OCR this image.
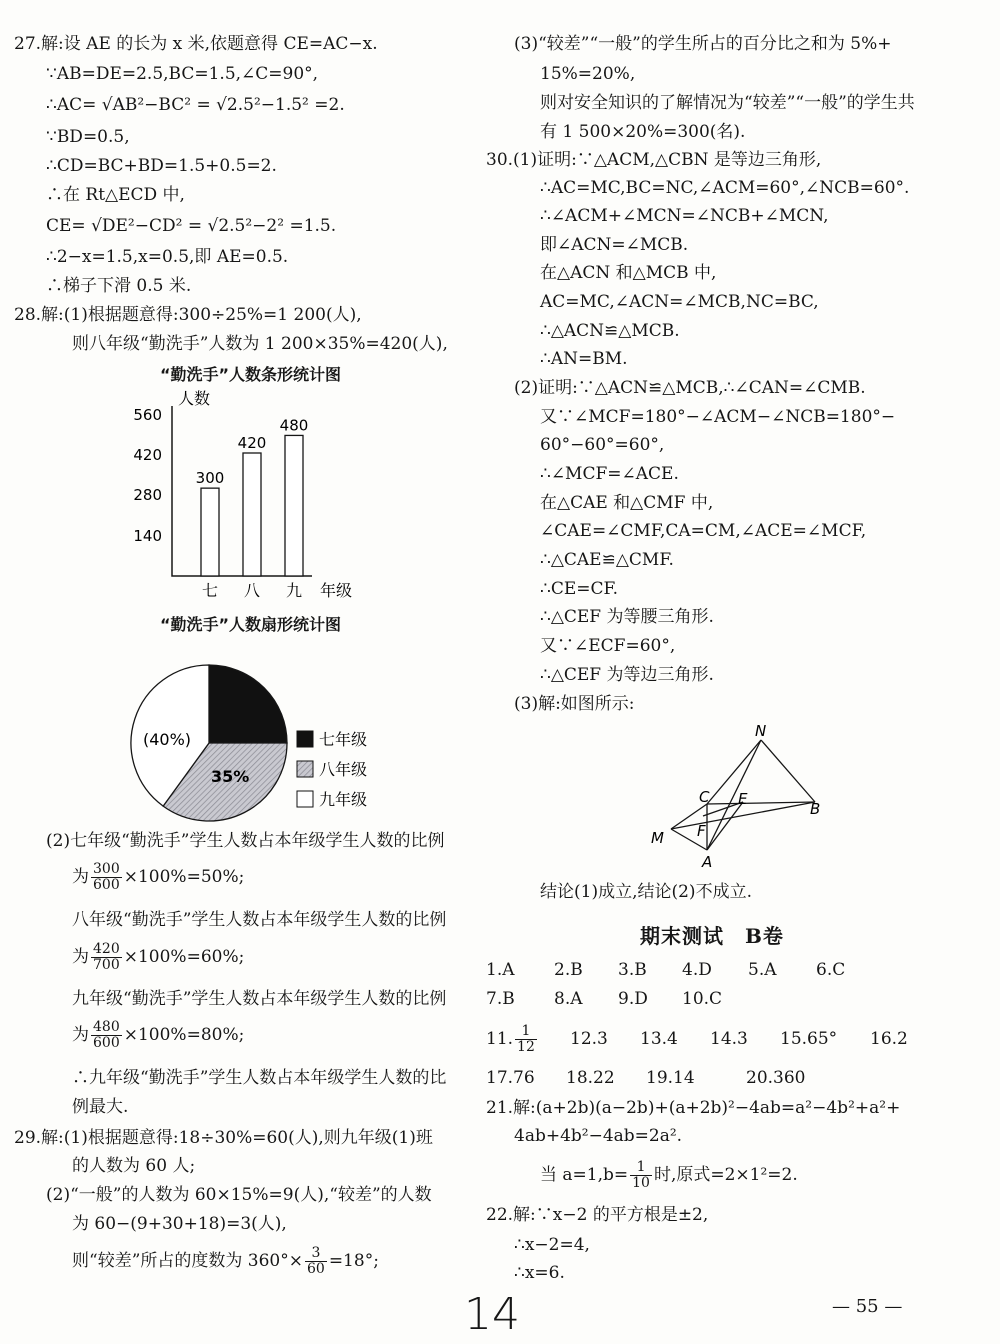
27.解:设 AE 的长为 x 米,依题意得 CE=AC−x.
∵AB=DE=2.5,BC=1.5,∠C=90°,
∴AC= √AB²−BC² = √2.5²−1.5² =2.
∵BD=0.5,
∴CD=BC+BD=1.5+0.5=2.
∴在 Rt△ECD 中,
CE= √DE²−CD² = √2.5²−2² =1.5.
∴2−x=1.5,x=0.5,即 AE=0.5.
∴梯子下滑 0.5 米.
28.解:(1)根据题意得:300÷25%=1 200(人),
则八年级“勤洗手”人数为 1 200×35%=420(人),
“勤洗手”人数条形统计图
人数
年级
140
280
420
560
300
七
420
八
480
九
“勤洗手”人数扇形统计图
(40%)
35%
七年级
八年级
九年级
(2)七年级“勤洗手”学生人数占本年级学生人数的比例
为 $\frac{300}{600} \times 100\%=50\%$;
八年级“勤洗手”学生人数占本年级学生人数的比例
为 $\frac{420}{700} \times 100\%=60\%$;
九年级“勤洗手”学生人数占本年级学生人数的比例
为 $\frac{480}{600} \times 100\%=80\%$;
∴九年级“勤洗手”学生人数占本年级学生人数的比
例最大.
29.解:(1)根据题意得:18÷30%=60(人),则九年级(1)班
的人数为 60 人;
(2)“一般”的人数为 60×15%=9(人),“较差”的人数
为 60−(9+30+18)=3(人),
则“较差”所占的度数为 $360^\circ\times \frac{3}{60} =18^\circ$;
(3)“较差”“一般”的学生所占的百分比之和为 5%+
15%=20%,
则对安全知识的了解情况为“较差”“一般”的学生共
有 1 500×20%=300(名).
30.(1)证明:∵△ACM,△CBN 是等边三角形,
∴AC=MC,BC=NC,∠ACM=60°,∠NCB=60°.
∴∠ACM+∠MCN=∠NCB+∠MCN,
即∠ACN=∠MCB.
在△ACN 和△MCB 中,
AC=MC,∠ACN=∠MCB,NC=BC,
∴△ACN≌△MCB.
∴AN=BM.
(2)证明:∵△ACN≌△MCB,∴∠CAN=∠CMB.
又∵∠MCF=180°−∠ACM−∠NCB=180°−
60°−60°=60°,
∴∠MCF=∠ACE.
在△CAE 和△CMF 中,
∠CAE=∠CMF,CA=CM,∠ACE=∠MCF,
∴△CAE≌△CMF.
∴CE=CF.
∴△CEF 为等腰三角形.
又∵∠ECF=60°,
∴△CEF 为等边三角形.
(3)解:如图所示:
N
C E
B
F
M
A
结论(1)成立,结论(2)不成立.
期末测试　B卷
1.A 2.B 3.B 4.D 5.A 6.C
7.B 8.A 9.D 10.C
11. $\frac{1}{12} 12.3$ 13.4 14.3 15.65° 16.2
17.76 18.22 19.14	20.360
21.解:(a+2b)(a−2b)+(a+2b)²−4ab=a²−4b²+a²+
4ab+4b²−4ab=2a².
当 $a=1,b= \frac{1}{10}$ 时,原式=2×1²=2.
22.解:∵x−2 的平方根是±2,
∴x−2=4,
∴x=6.
14	— 55 —
